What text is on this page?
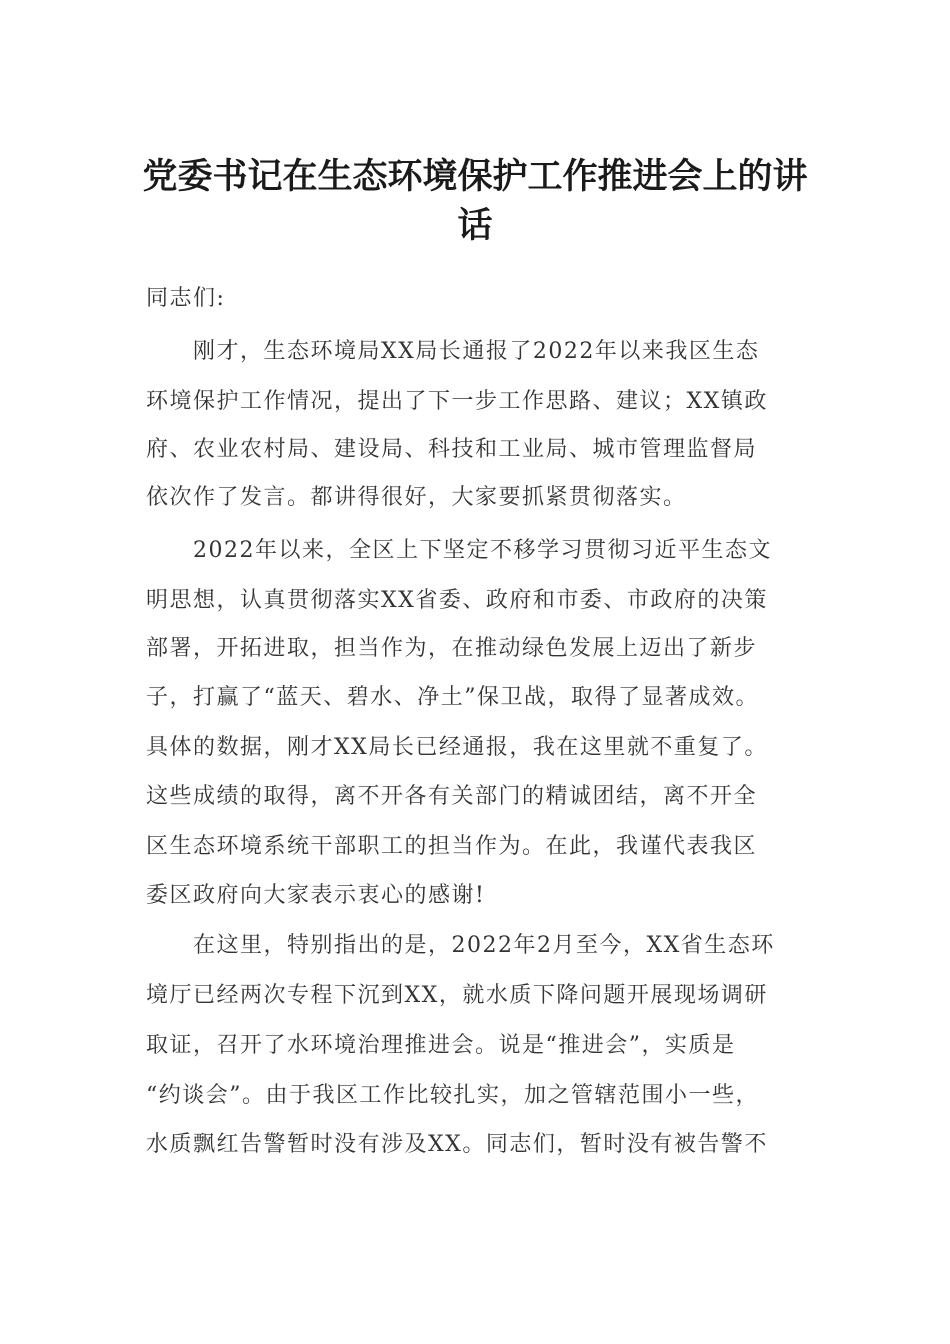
党委书记在生态环境保护工作推进会上的讲
话
同志们:
　　刚才，生态环境局XX局长通报了2022年以来我区生态
环境保护工作情况，提出了下一步工作思路、建议；XX镇政
府、农业农村局、建设局、科技和工业局、城市管理监督局
依次作了发言。都讲得很好，大家要抓紧贯彻落实。
　　2022年以来，全区上下坚定不移学习贯彻习近平生态文
明思想，认真贯彻落实XX省委、政府和市委、市政府的决策
部署，开拓进取，担当作为，在推动绿色发展上迈出了新步
子，打赢了“蓝天、碧水、净土”保卫战，取得了显著成效。
具体的数据，刚才XX局长已经通报，我在这里就不重复了。
这些成绩的取得，离不开各有关部门的精诚团结，离不开全
区生态环境系统干部职工的担当作为。在此，我谨代表我区
委区政府向大家表示衷心的感谢!
　　在这里，特别指出的是，2022年2月至今，XX省生态环
境厅已经两次专程下沉到XX，就水质下降问题开展现场调研
取证，召开了水环境治理推进会。说是“推进会”，实质是
“约谈会”。由于我区工作比较扎实，加之管辖范围小一些，
水质飘红告警暂时没有涉及XX。同志们，暂时没有被告警不
